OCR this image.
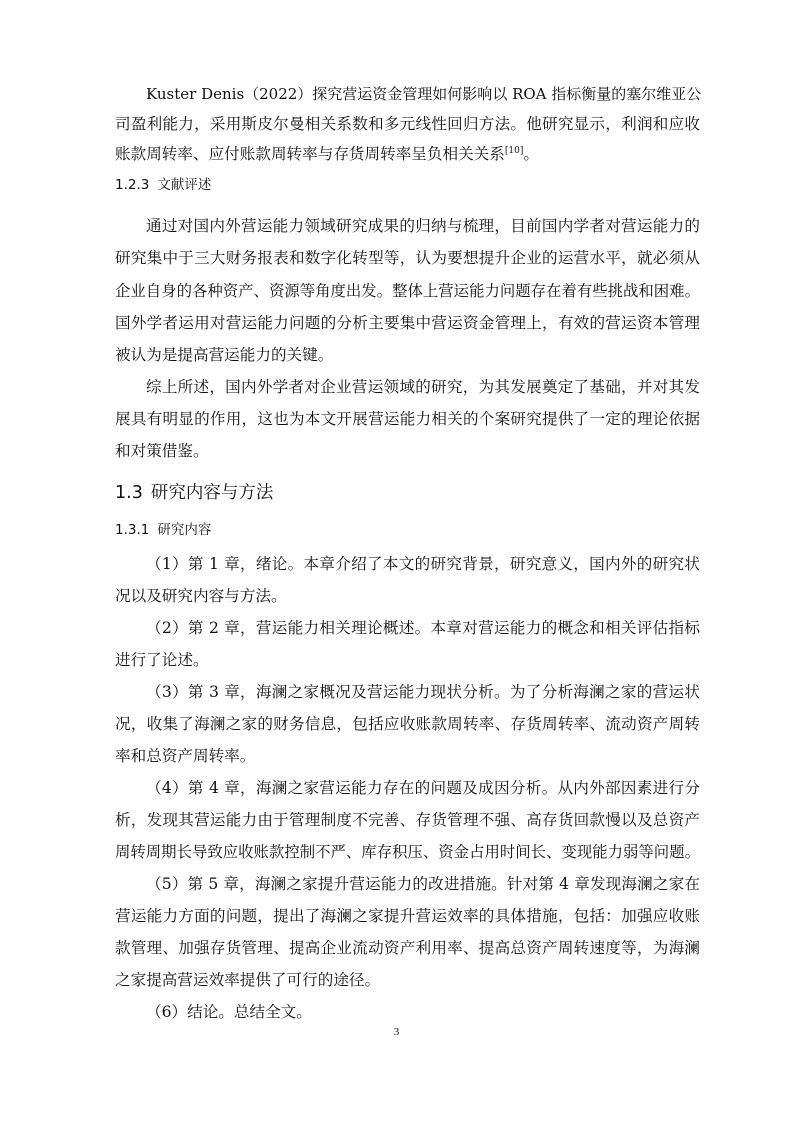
Kuster Denis（2022）探究营运资金管理如何影响以 ROA 指标衡量的塞尔维亚公
司盈利能力，采用斯皮尔曼相关系数和多元线性回归方法。他研究显示，利润和应收
账款周转率、应付账款周转率与存货周转率呈负相关关系[10]。
1.2.3 文献评述
通过对国内外营运能力领域研究成果的归纳与梳理，目前国内学者对营运能力的
研究集中于三大财务报表和数字化转型等，认为要想提升企业的运营水平，就必须从
企业自身的各种资产、资源等角度出发。整体上营运能力问题存在着有些挑战和困难。
国外学者运用对营运能力问题的分析主要集中营运资金管理上，有效的营运资本管理
被认为是提高营运能力的关键。
综上所述，国内外学者对企业营运领域的研究，为其发展奠定了基础，并对其发
展具有明显的作用，这也为本文开展营运能力相关的个案研究提供了一定的理论依据
和对策借鉴。
1.3 研究内容与方法
1.3.1 研究内容
（1）第 1 章，绪论。本章介绍了本文的研究背景，研究意义，国内外的研究状
况以及研究内容与方法。
（2）第 2 章，营运能力相关理论概述。本章对营运能力的概念和相关评估指标
进行了论述。
（3）第 3 章，海澜之家概况及营运能力现状分析。为了分析海澜之家的营运状
况，收集了海澜之家的财务信息，包括应收账款周转率、存货周转率、流动资产周转
率和总资产周转率。
（4）第 4 章，海澜之家营运能力存在的问题及成因分析。从内外部因素进行分
析，发现其营运能力由于管理制度不完善、存货管理不强、高存货回款慢以及总资产
周转周期长导致应收账款控制不严、库存积压、资金占用时间长、变现能力弱等问题。
（5）第 5 章，海澜之家提升营运能力的改进措施。针对第 4 章发现海澜之家在
营运能力方面的问题，提出了海澜之家提升营运效率的具体措施，包括：加强应收账
款管理、加强存货管理、提高企业流动资产利用率、提高总资产周转速度等，为海澜
之家提高营运效率提供了可行的途径。
（6）结论。总结全文。
3
